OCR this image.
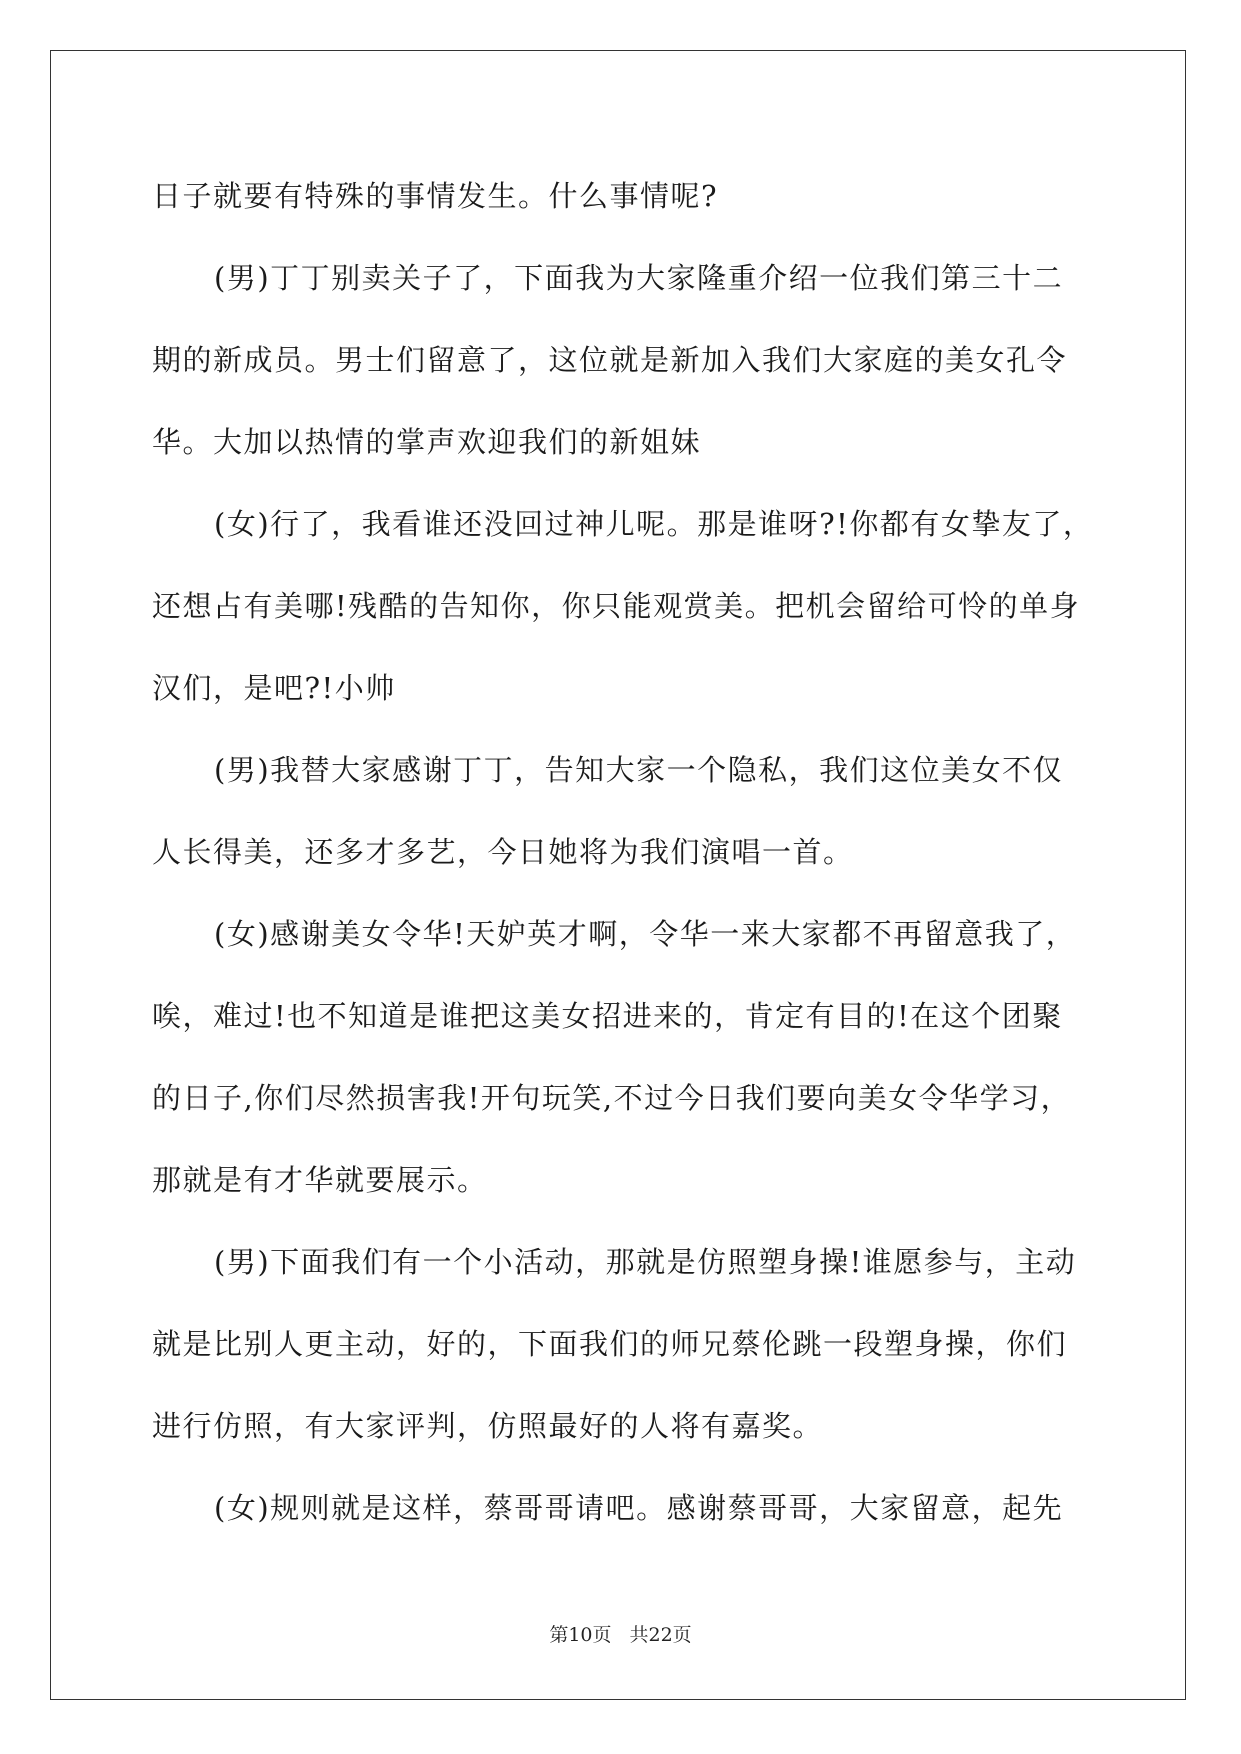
日子就要有特殊的事情发生。什么事情呢?
(男)丁丁别卖关子了，下面我为大家隆重介绍一位我们第三十二
期的新成员。男士们留意了，这位就是新加入我们大家庭的美女孔令
华。大加以热情的掌声欢迎我们的新姐妹
(女)行了，我看谁还没回过神儿呢。那是谁呀?!你都有女挚友了，
还想占有美哪!残酷的告知你，你只能观赏美。把机会留给可怜的单身
汉们，是吧?!小帅
(男)我替大家感谢丁丁，告知大家一个隐私，我们这位美女不仅
人长得美，还多才多艺，今日她将为我们演唱一首。
(女)感谢美女令华!天妒英才啊，令华一来大家都不再留意我了，
唉，难过!也不知道是谁把这美女招进来的，肯定有目的!在这个团聚
的日子,你们尽然损害我!开句玩笑,不过今日我们要向美女令华学习，
那就是有才华就要展示。
(男)下面我们有一个小活动，那就是仿照塑身操!谁愿参与，主动
就是比别人更主动，好的，下面我们的师兄蔡伦跳一段塑身操，你们
进行仿照，有大家评判，仿照最好的人将有嘉奖。
(女)规则就是这样，蔡哥哥请吧。感谢蔡哥哥，大家留意，起先
第10页 共22页
